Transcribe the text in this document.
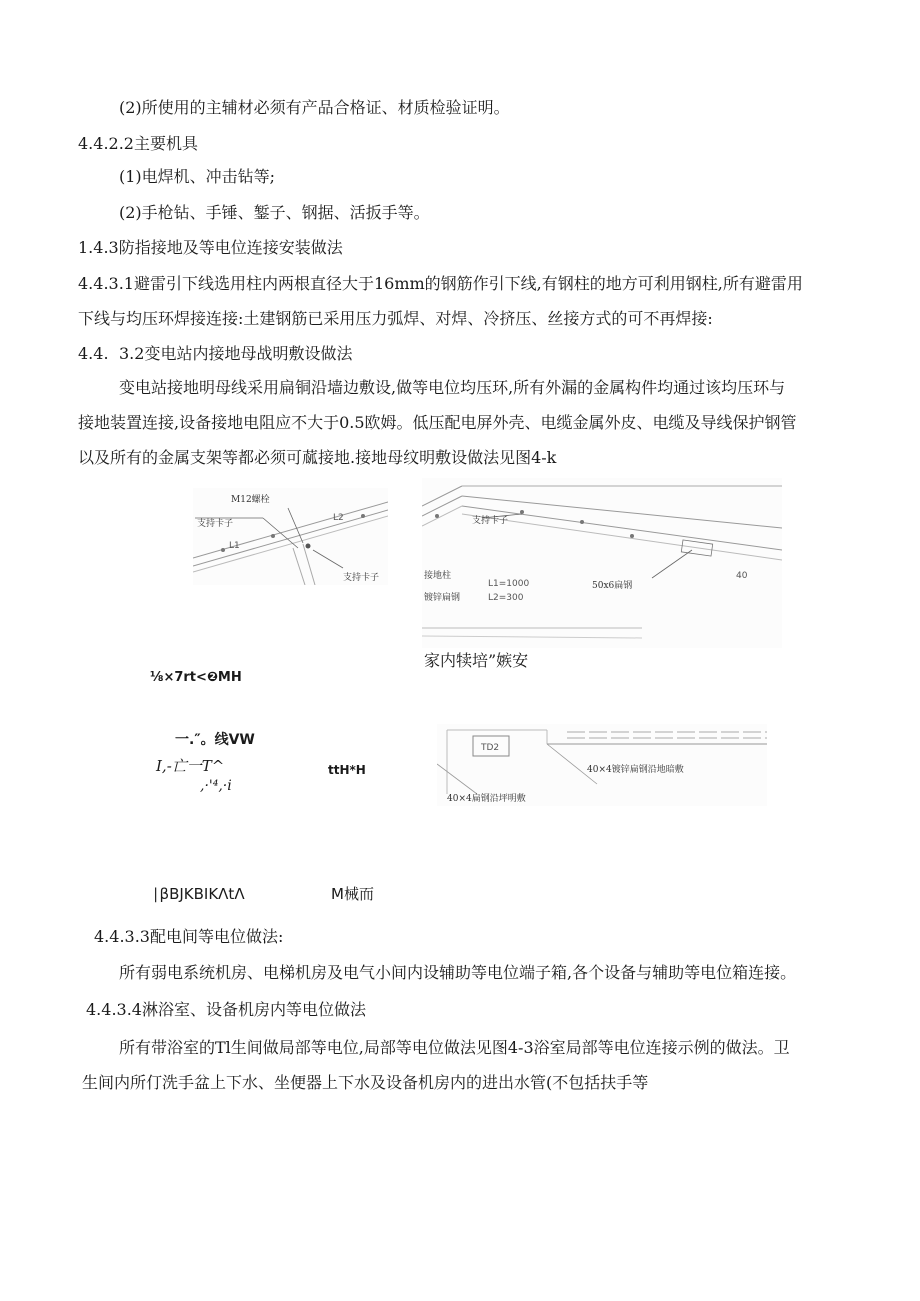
(2)所使用的主辅材必须有产品合格证、材质检验证明。
4.4.2.2主要机具
(1)电焊机、冲击钻等;
(2)手枪钻、手锤、錾子、钢据、活扳手等。
1.4.3防指接地及等电位连接安装做法
4.4.3.1避雷引下线选用柱内两根直径大于16mm的钢筋作引下线,有钢柱的地方可利用钢柱,所有避雷用
下线与均压环焊接连接:土建钢筋已采用压力弧焊、对焊、冷挤压、丝接方式的可不再焊接:
4.4. 3.2变电站内接地母战明敷设做法
变电站接地明母线采用扁铜沿墙边敷设,做等电位均压环,所有外漏的金属构件均通过该均压环与
接地装置连接,设备接地电阻应不大于0.5欧姆。低压配电屏外壳、电缆金属外皮、电缆及导线保护钢管
以及所有的金属支架等都必须可蓏接地.接地母纹明敷设做法见图4-k
M12螺栓
支持卡子
L1
L2
支持卡子
支持卡子
接地柱
镀锌扁钢
L1=1000
L2=300
50x6扁钢
40
家内犊培”嫉安
⅛×7rt<❷MH
一.″。线VW
I,-亡一T^
,·'⁴,·i
ttH*H
TD2
40×4镀锌扁钢沿地暗敷
40×4扁钢沿坪明敷
∣βBJKBIKΛtΛ	M械而
4.4.3.3配电间等电位做法:
所有弱电系统机房、电梯机房及电气小间内设辅助等电位端子箱,各个设备与辅助等电位箱连接。
4.4.3.4淋浴室、设备机房内等电位做法
所有带浴室的Tl生间做局部等电位,局部等电位做法见图4-3浴室局部等电位连接示例的做法。卫
生间内所仃洗手盆上下水、坐便器上下水及设备机房内的进出水管(不包括扶手等
